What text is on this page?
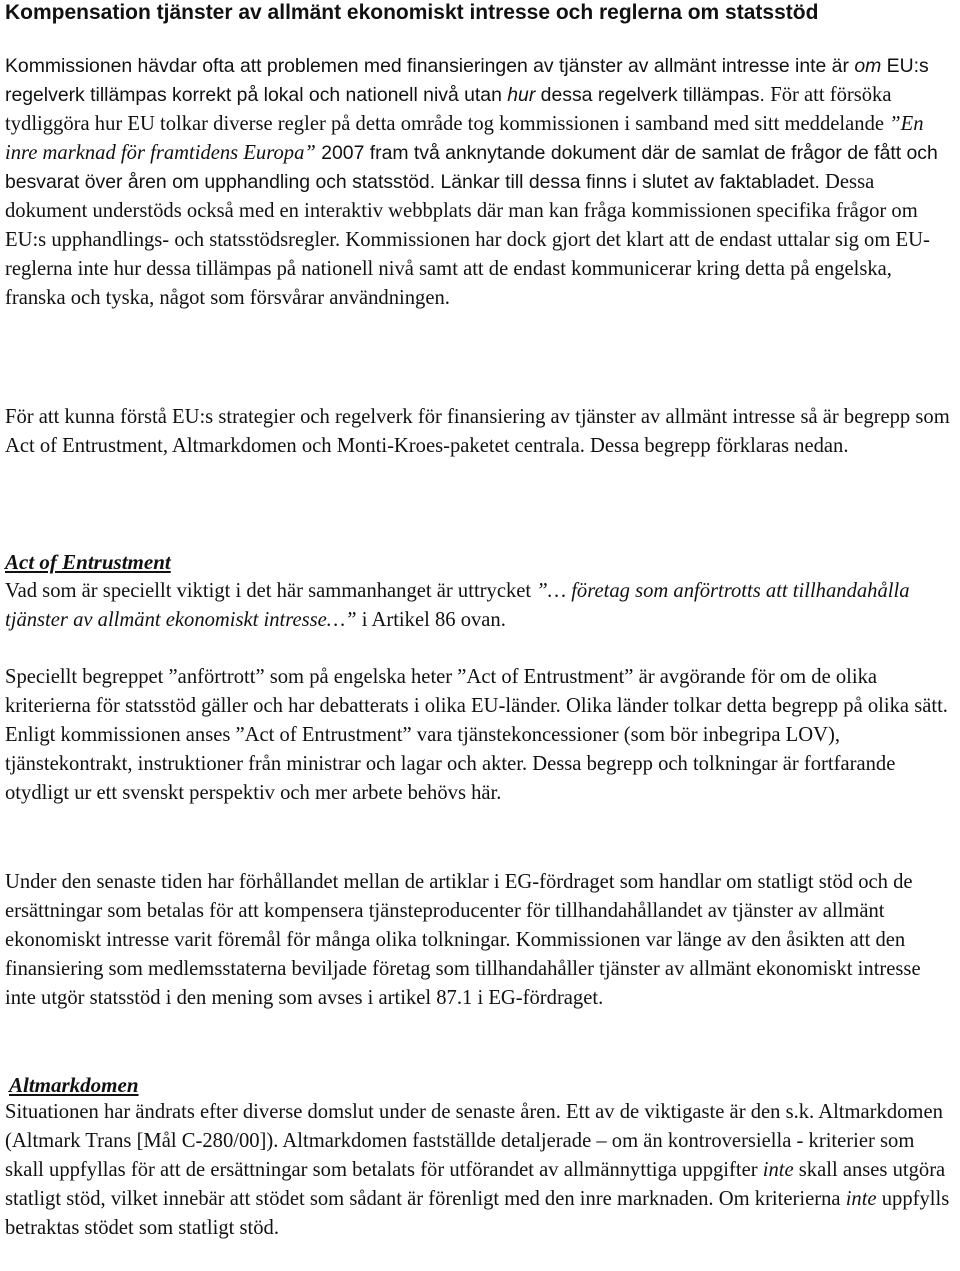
Kompensation tjänster av allmänt ekonomiskt intresse och reglerna om statsstöd

Kommissionen hävdar ofta att problemen med finansieringen av tjänster av allmänt intresse inte är om EU:s regelverk tillämpas korrekt på lokal och nationell nivå utan hur dessa regelverk tillämpas. För att försöka tydliggöra hur EU tolkar diverse regler på detta område tog kommissionen i samband med sitt meddelande ”En inre marknad för framtidens Europa” 2007 fram två anknytande dokument där de samlat de frågor de fått och besvarat över åren om upphandling och statsstöd. Länkar till dessa finns i slutet av faktabladet. Dessa dokument understöds också med en interaktiv webbplats där man kan fråga kommissionen specifika frågor om EU:s upphandlings- och statsstödsregler. Kommissionen har dock gjort det klart att de endast uttalar sig om EU-reglerna inte hur dessa tillämpas på nationell nivå samt att de endast kommunicerar kring detta på engelska, franska och tyska, något som försvårar användningen.

För att kunna förstå EU:s strategier och regelverk för finansiering av tjänster av allmänt intresse så är begrepp som Act of Entrustment, Altmarkdomen och Monti-Kroes-paketet centrala. Dessa begrepp förklaras nedan.

Act of Entrustment

Vad som är speciellt viktigt i det här sammanhanget är uttrycket ”… företag som anförtrotts att tillhandahålla tjänster av allmänt ekonomiskt intresse…” i Artikel 86 ovan.

Speciellt begreppet ”anförtrott” som på engelska heter ”Act of Entrustment” är avgörande för om de olika kriterierna för statsstöd gäller och har debatterats i olika EU-länder. Olika länder tolkar detta begrepp på olika sätt. Enligt kommissionen anses ”Act of Entrustment” vara tjänstekoncessioner (som bör inbegripa LOV), tjänstekontrakt, instruktioner från ministrar och lagar och akter. Dessa begrepp och tolkningar är fortfarande otydligt ur ett svenskt perspektiv och mer arbete behövs här.

Under den senaste tiden har förhållandet mellan de artiklar i EG-fördraget som handlar om statligt stöd och de ersättningar som betalas för att kompensera tjänsteproducenter för tillhandahållandet av tjänster av allmänt ekonomiskt intresse varit föremål för många olika tolkningar. Kommissionen var länge av den åsikten att den finansiering som medlemsstaterna beviljade företag som tillhandahåller tjänster av allmänt ekonomiskt intresse inte utgör statsstöd i den mening som avses i artikel 87.1 i EG-fördraget.

Altmarkdomen

Situationen har ändrats efter diverse domslut under de senaste åren. Ett av de viktigaste är den s.k. Altmarkdomen (Altmark Trans [Mål C-280/00]). Altmarkdomen fastställde detaljerade – om än kontroversiella - kriterier som skall uppfyllas för att de ersättningar som betalats för utförandet av allmännyttiga uppgifter inte skall anses utgöra statligt stöd, vilket innebär att stödet som sådant är förenligt med den inre marknaden. Om kriterierna inte uppfylls betraktas stödet som statligt stöd.
